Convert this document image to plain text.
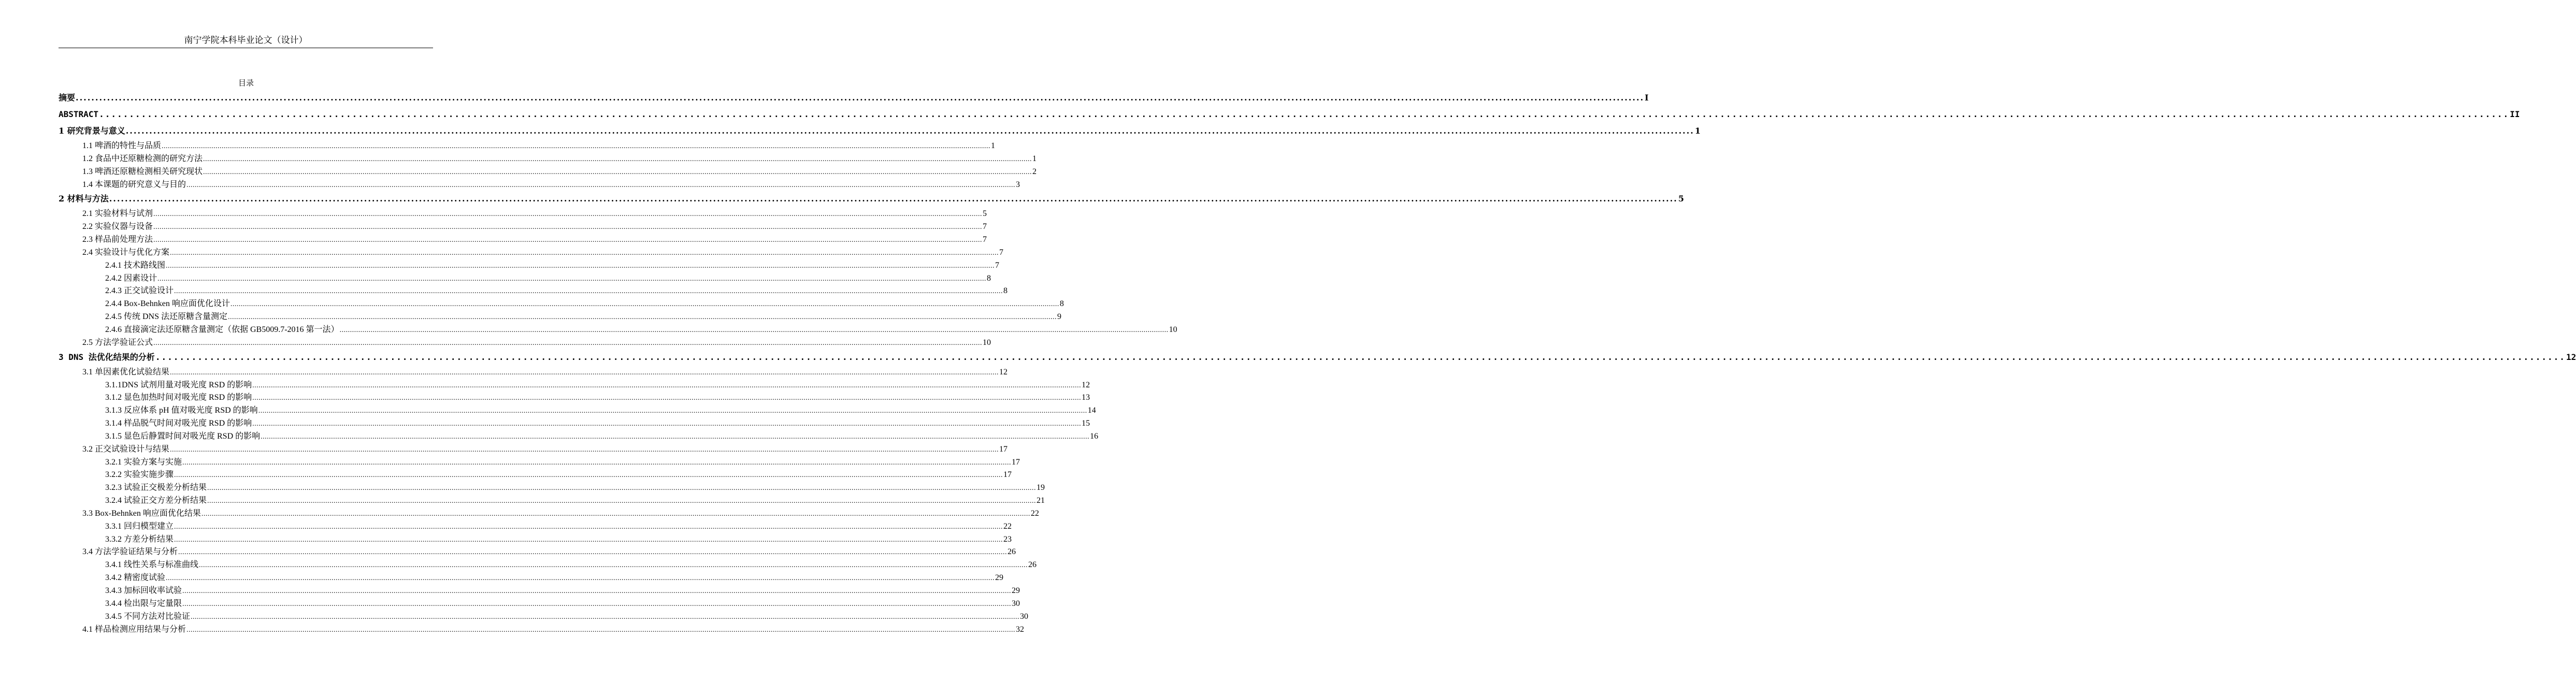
南宁学院本科毕业论文（设计）
目录
摘要 ................................................................................................................................................................................................................................................................................................................................................................................................................ I
ABSTRACT ................................................................................................................................................................................................................................................................................................................................................................................................................ II
1 研究背景与意义 ................................................................................................................................................................................................................................................................................................................................................................................................................ 1
1.1 啤酒的特性与品质 ................................................................................................................................................................................................................................................................................................................................................................................................................ 1
1.2 食品中还原糖检测的研究方法 ................................................................................................................................................................................................................................................................................................................................................................................................................ 1
1.3 啤酒还原糖检测相关研究现状 ................................................................................................................................................................................................................................................................................................................................................................................................................ 2
1.4 本课题的研究意义与目的 ................................................................................................................................................................................................................................................................................................................................................................................................................ 3
2 材料与方法 ................................................................................................................................................................................................................................................................................................................................................................................................................ 5
2.1 实验材料与试剂 ................................................................................................................................................................................................................................................................................................................................................................................................................ 5
2.2 实验仪器与设备 ................................................................................................................................................................................................................................................................................................................................................................................................................ 7
2.3 样品前处理方法 ................................................................................................................................................................................................................................................................................................................................................................................................................ 7
2.4 实验设计与优化方案 ................................................................................................................................................................................................................................................................................................................................................................................................................ 7
2.4.1 技术路线图 ................................................................................................................................................................................................................................................................................................................................................................................................................ 7
2.4.2 因素设计 ................................................................................................................................................................................................................................................................................................................................................................................................................ 8
2.4.3 正交试验设计 ................................................................................................................................................................................................................................................................................................................................................................................................................ 8
2.4.4 Box-Behnken 响应面优化设计 ................................................................................................................................................................................................................................................................................................................................................................................................................ 8
2.4.5 传统 DNS 法还原糖含量测定 ................................................................................................................................................................................................................................................................................................................................................................................................................ 9
2.4.6 直接滴定法还原糖含量测定（依据 GB5009.7-2016 第一法） ................................................................................................................................................................................................................................................................................................................................................................................................................ 10
2.5 方法学验证公式 ................................................................................................................................................................................................................................................................................................................................................................................................................ 10
3 DNS 法优化结果的分析 ................................................................................................................................................................................................................................................................................................................................................................................................................ 12
3.1 单因素优化试验结果 ................................................................................................................................................................................................................................................................................................................................................................................................................ 12
3.1.1DNS 试剂用量对吸光度 RSD 的影响 ................................................................................................................................................................................................................................................................................................................................................................................................................ 12
3.1.2 显色加热时间对吸光度 RSD 的影响 ................................................................................................................................................................................................................................................................................................................................................................................................................ 13
3.1.3 反应体系 pH 值对吸光度 RSD 的影响 ................................................................................................................................................................................................................................................................................................................................................................................................................ 14
3.1.4 样品脱气时间对吸光度 RSD 的影响 ................................................................................................................................................................................................................................................................................................................................................................................................................ 15
3.1.5 显色后静置时间对吸光度 RSD 的影响 ................................................................................................................................................................................................................................................................................................................................................................................................................ 16
3.2 正交试验设计与结果 ................................................................................................................................................................................................................................................................................................................................................................................................................ 17
3.2.1 实验方案与实施 ................................................................................................................................................................................................................................................................................................................................................................................................................ 17
3.2.2 实验实施步骤 ................................................................................................................................................................................................................................................................................................................................................................................................................ 17
3.2.3 试验正交极差分析结果 ................................................................................................................................................................................................................................................................................................................................................................................................................ 19
3.2.4 试验正交方差分析结果 ................................................................................................................................................................................................................................................................................................................................................................................................................ 21
3.3 Box-Behnken 响应面优化结果 ................................................................................................................................................................................................................................................................................................................................................................................................................ 22
3.3.1 回归模型建立 ................................................................................................................................................................................................................................................................................................................................................................................................................ 22
3.3.2 方差分析结果 ................................................................................................................................................................................................................................................................................................................................................................................................................ 23
3.4 方法学验证结果与分析 ................................................................................................................................................................................................................................................................................................................................................................................................................ 26
3.4.1 线性关系与标准曲线 ................................................................................................................................................................................................................................................................................................................................................................................................................ 26
3.4.2 精密度试验 ................................................................................................................................................................................................................................................................................................................................................................................................................ 29
3.4.3 加标回收率试验 ................................................................................................................................................................................................................................................................................................................................................................................................................ 29
3.4.4 检出限与定量限 ................................................................................................................................................................................................................................................................................................................................................................................................................ 30
3.4.5 不同方法对比验证 ................................................................................................................................................................................................................................................................................................................................................................................................................ 30
4.1 样品检测应用结果与分析 ................................................................................................................................................................................................................................................................................................................................................................................................................ 32
